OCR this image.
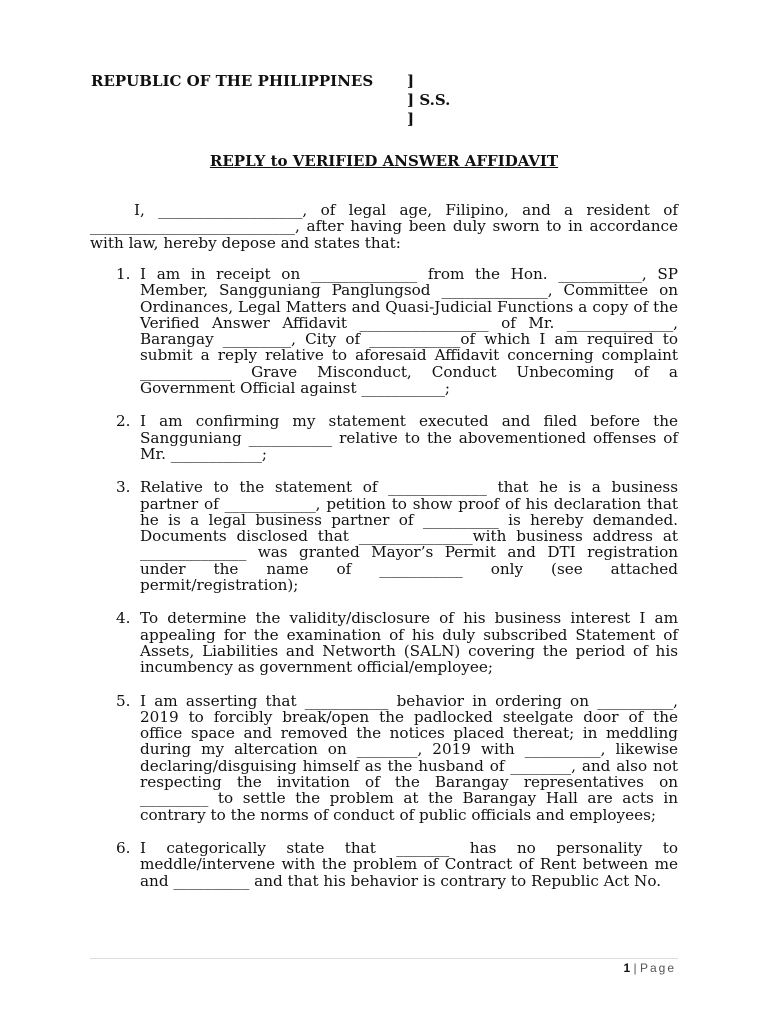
REPUBLIC OF THE PHILIPPINES	]
] S.S.
]
REPLY to VERIFIED ANSWER AFFIDAVIT
I, ___________________, of legal age, Filipino, and a resident of ___________________________, after having been duly sworn to in accordance with law, hereby depose and states that:
1. I am in receipt on ______________ from the Hon. ___________, SP Member, Sangguniang Panglungsod ______________, Committee on Ordinances, Legal Matters and Quasi-Judicial Functions a copy of the Verified Answer Affidavit _________________ of Mr. ______________, Barangay _________, City of ____________of which I am required to submit a reply relative to aforesaid Affidavit concerning complaint ____________ Grave Misconduct, Conduct Unbecoming of a Government Official against ___________;
2. I am confirming my statement executed and filed before the Sangguniang ___________ relative to the abovementioned offenses of Mr. ____________;
3. Relative to the statement of _____________ that he is a business partner of ____________, petition to show proof of his declaration that he is a legal business partner of __________ is hereby demanded. Documents disclosed that _______________with business address at ______________ was granted Mayor’s Permit and DTI registration under the name of ___________ only (see attached permit/registration);
4. To determine the validity/disclosure of his business interest I am appealing for the examination of his duly subscribed Statement of Assets, Liabilities and Networth (SALN) covering the period of his incumbency as government official/employee;
5. I am asserting that ___________ behavior in ordering on __________, 2019 to forcibly break/open the padlocked steelgate door of the office space and removed the notices placed thereat; in meddling during my altercation on ________, 2019 with __________, likewise declaring/disguising himself as the husband of ________, and also not respecting the invitation of the Barangay representatives on _________ to settle the problem at the Barangay Hall are acts in contrary to the norms of conduct of public officials and employees;
6. I categorically state that _______ has no personality to meddle/intervene with the problem of Contract of Rent between me and __________ and that his behavior is contrary to Republic Act No.
1 | Page
